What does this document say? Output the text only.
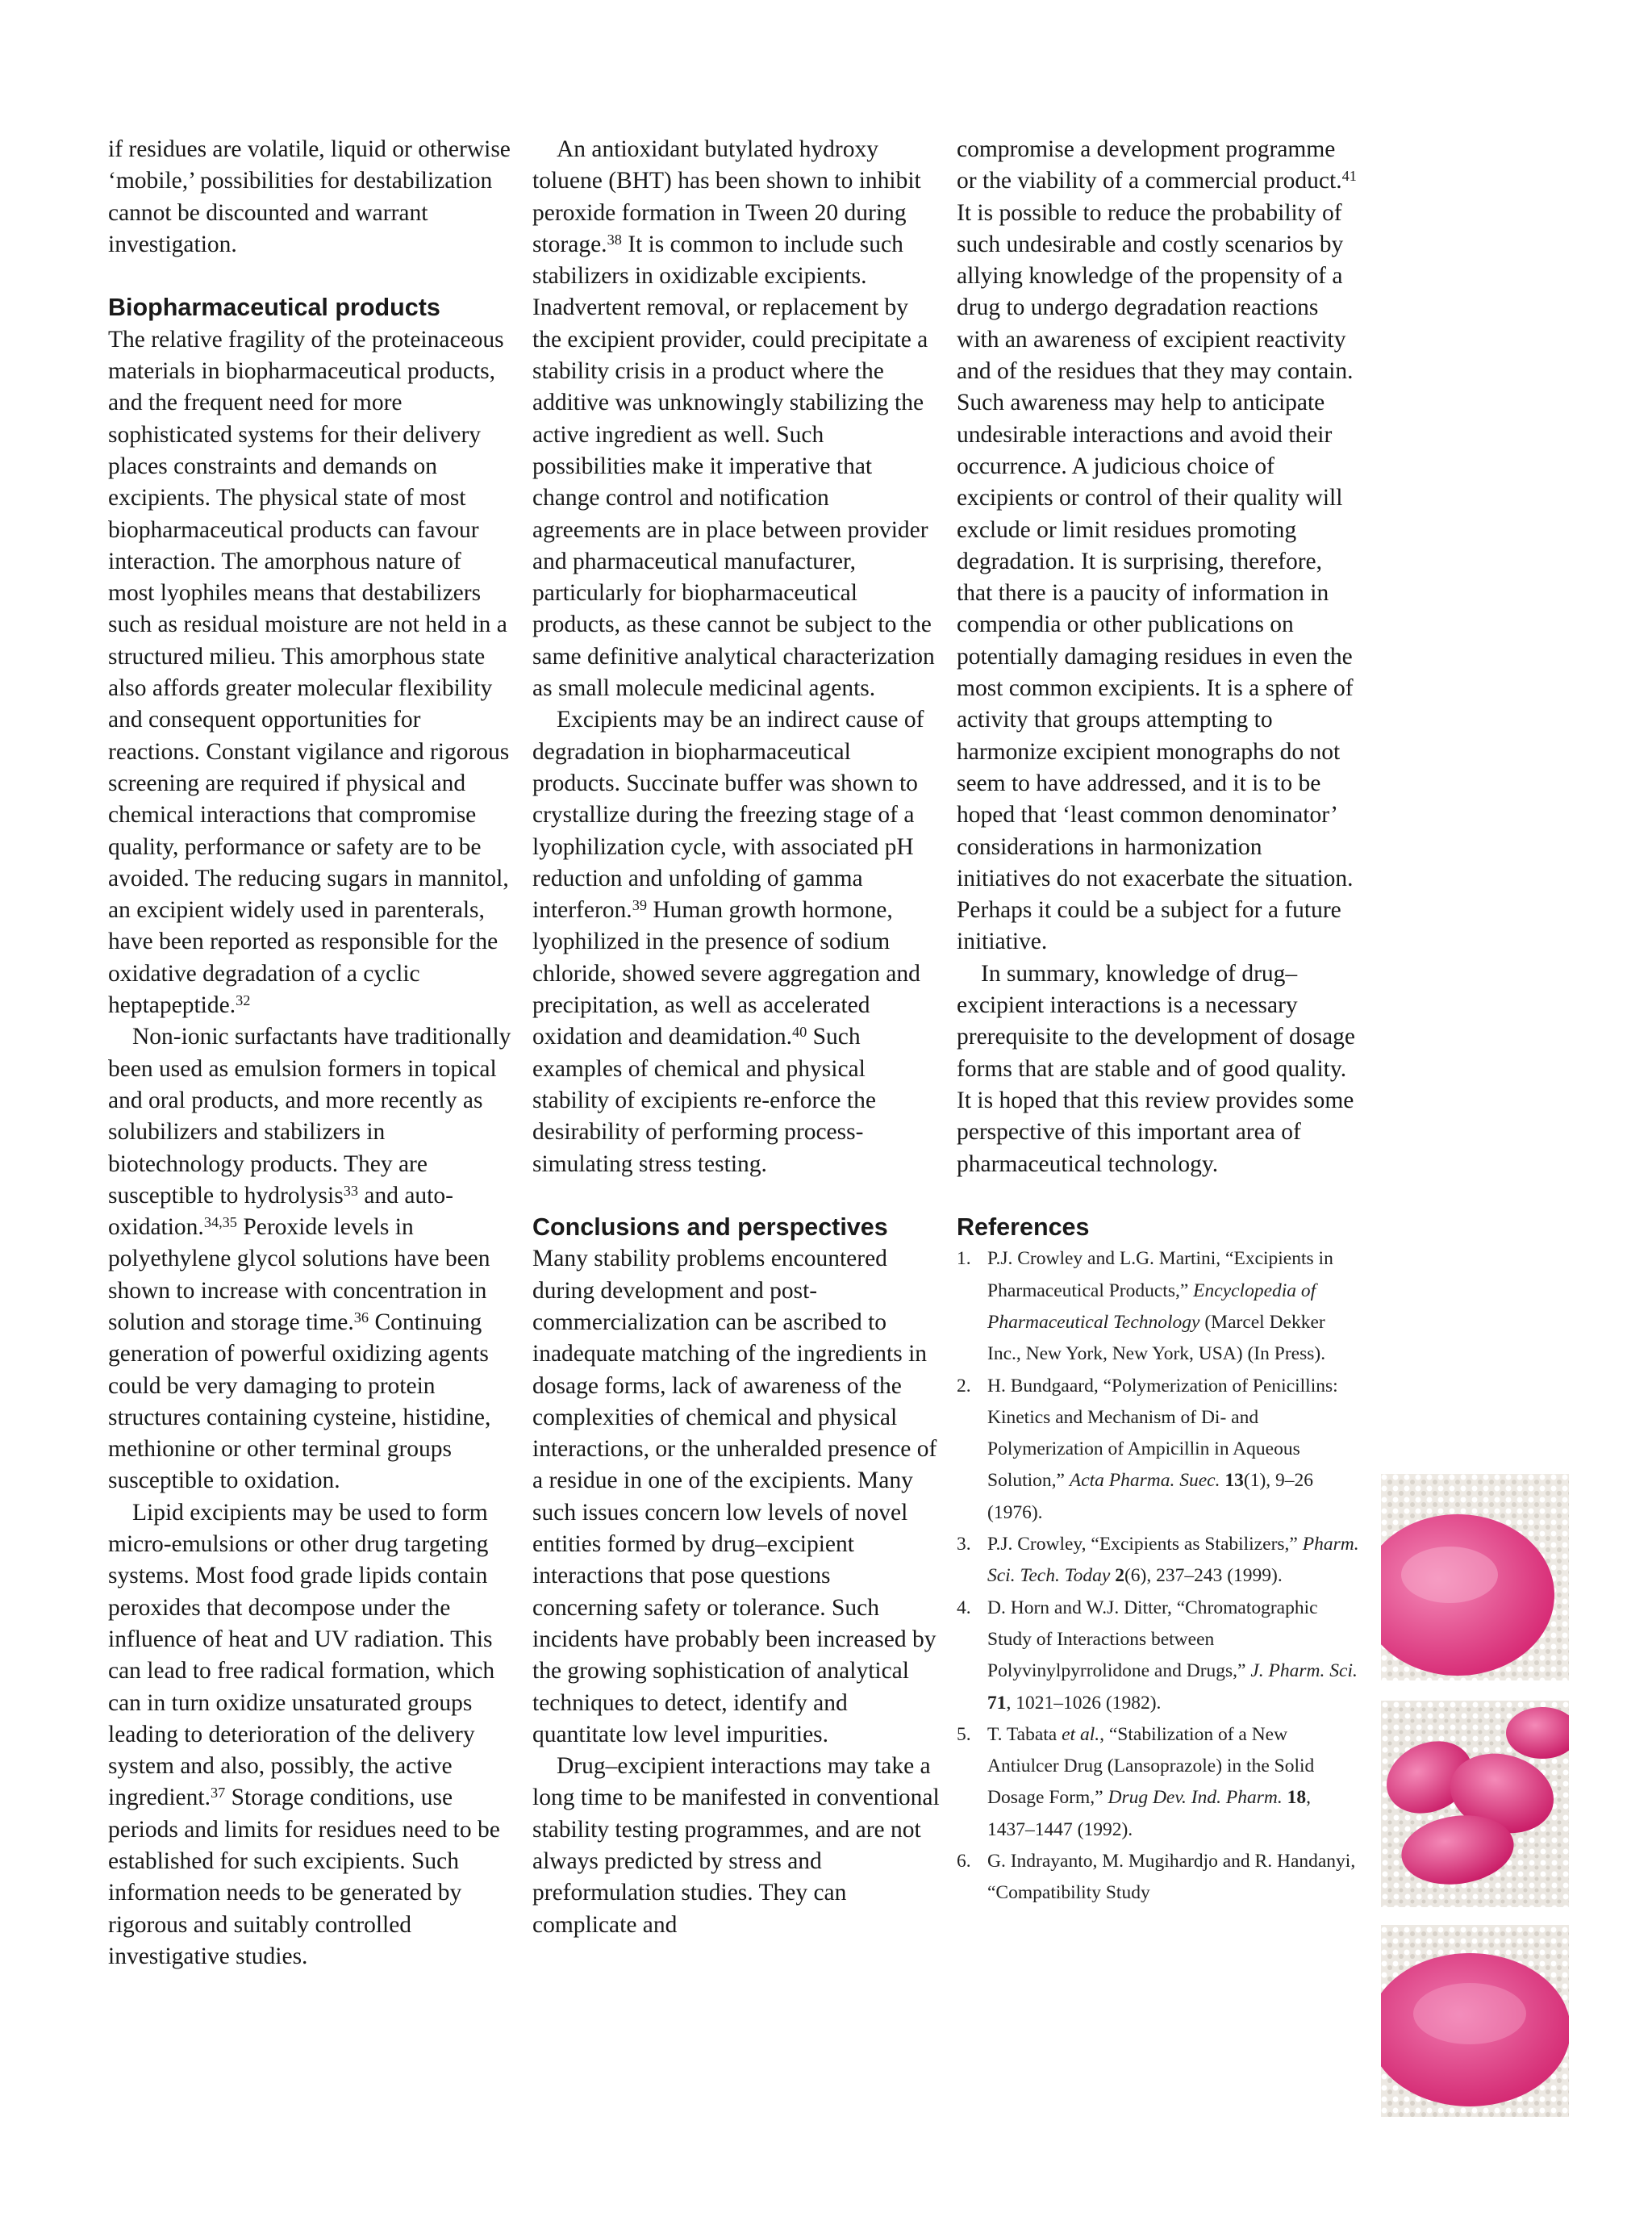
if residues are volatile, liquid or otherwise ‘mobile,’ possibilities for destabilization cannot be discounted and warrant investigation.

Biopharmaceutical products

The relative fragility of the proteinaceous materials in biopharmaceutical products, and the frequent need for more sophisticated systems for their delivery places constraints and demands on excipients. The physical state of most biopharmaceutical products can favour interaction. The amorphous nature of most lyophiles means that destabilizers such as residual moisture are not held in a structured milieu. This amorphous state also affords greater molecular flexibility and consequent opportunities for reactions. Constant vigilance and rigorous screening are required if physical and chemical interactions that compromise quality, performance or safety are to be avoided. The reducing sugars in mannitol, an excipient widely used in parenterals, have been reported as responsible for the oxidative degradation of a cyclic heptapeptide.$^{32}$

Non-ionic surfactants have traditionally been used as emulsion formers in topical and oral products, and more recently as solubilizers and stabilizers in biotechnology products. They are susceptible to hydrolysis$^{33}$ and auto-oxidation.$^{34,35}$ Peroxide levels in polyethylene glycol solutions have been shown to increase with concentration in solution and storage time.$^{36}$ Continuing generation of powerful oxidizing agents could be very damaging to protein structures containing cysteine, histidine, methionine or other terminal groups susceptible to oxidation.

Lipid excipients may be used to form micro-emulsions or other drug targeting systems. Most food grade lipids contain peroxides that decompose under the influence of heat and UV radiation. This can lead to free radical formation, which can in turn oxidize unsaturated groups leading to deterioration of the delivery system and also, possibly, the active ingredient.$^{37}$ Storage conditions, use periods and limits for residues need to be established for such excipients. Such information needs to be generated by rigorous and suitably controlled investigative studies.

An antioxidant butylated hydroxy toluene (BHT) has been shown to inhibit peroxide formation in Tween 20 during storage.$^{38}$ It is common to include such stabilizers in oxidizable excipients. Inadvertent removal, or replacement by the excipient provider, could precipitate a stability crisis in a product where the additive was unknowingly stabilizing the active ingredient as well. Such possibilities make it imperative that change control and notification agreements are in place between provider and pharmaceutical manufacturer, particularly for biopharmaceutical products, as these cannot be subject to the same definitive analytical characterization as small molecule medicinal agents.

Excipients may be an indirect cause of degradation in biopharmaceutical products. Succinate buffer was shown to crystallize during the freezing stage of a lyophilization cycle, with associated pH reduction and unfolding of gamma interferon.$^{39}$ Human growth hormone, lyophilized in the presence of sodium chloride, showed severe aggregation and precipitation, as well as accelerated oxidation and deamidation.$^{40}$ Such examples of chemical and physical stability of excipients re-enforce the desirability of performing process-simulating stress testing.

Conclusions and perspectives

Many stability problems encountered during development and post-commercialization can be ascribed to inadequate matching of the ingredients in dosage forms, lack of awareness of the complexities of chemical and physical interactions, or the unheralded presence of a residue in one of the excipients. Many such issues concern low levels of novel entities formed by drug–excipient interactions that pose questions concerning safety or tolerance. Such incidents have probably been increased by the growing sophistication of analytical techniques to detect, identify and quantitate low level impurities.

Drug–excipient interactions may take a long time to be manifested in conventional stability testing programmes, and are not always predicted by stress and preformulation studies. They can complicate and

compromise a development programme or the viability of a commercial product.$^{41}$ It is possible to reduce the probability of such undesirable and costly scenarios by allying knowledge of the propensity of a drug to undergo degradation reactions with an awareness of excipient reactivity and of the residues that they may contain. Such awareness may help to anticipate undesirable interactions and avoid their occurrence. A judicious choice of excipients or control of their quality will exclude or limit residues promoting degradation. It is surprising, therefore, that there is a paucity of information in compendia or other publications on potentially damaging residues in even the most common excipients. It is a sphere of activity that groups attempting to harmonize excipient monographs do not seem to have addressed, and it is to be hoped that ‘least common denominator’ considerations in harmonization initiatives do not exacerbate the situation. Perhaps it could be a subject for a future initiative.

In summary, knowledge of drug–excipient interactions is a necessary prerequisite to the development of dosage forms that are stable and of good quality. It is hoped that this review provides some perspective of this important area of pharmaceutical technology.

References
1. P.J. Crowley and L.G. Martini, “Excipients in Pharmaceutical Products,” Encyclopedia of Pharmaceutical Technology (Marcel Dekker Inc., New York, New York, USA) (In Press).
2. H. Bundgaard, “Polymerization of Penicillins: Kinetics and Mechanism of Di- and Polymerization of Ampicillin in Aqueous Solution,” Acta Pharma. Suec. 13(1), 9–26 (1976).
3. P.J. Crowley, “Excipients as Stabilizers,” Pharm. Sci. Tech. Today 2(6), 237–243 (1999).
4. D. Horn and W.J. Ditter, “Chromatographic Study of Interactions between Polyvinylpyrrolidone and Drugs,” J. Pharm. Sci. 71, 1021–1026 (1982).
5. T. Tabata et al., “Stabilization of a New Antiulcer Drug (Lansoprazole) in the Solid Dosage Form,” Drug Dev. Ind. Pharm. 18, 1437–1447 (1992).
6. G. Indrayanto, M. Mugihardjo and R. Handanyi, “Compatibility Study
